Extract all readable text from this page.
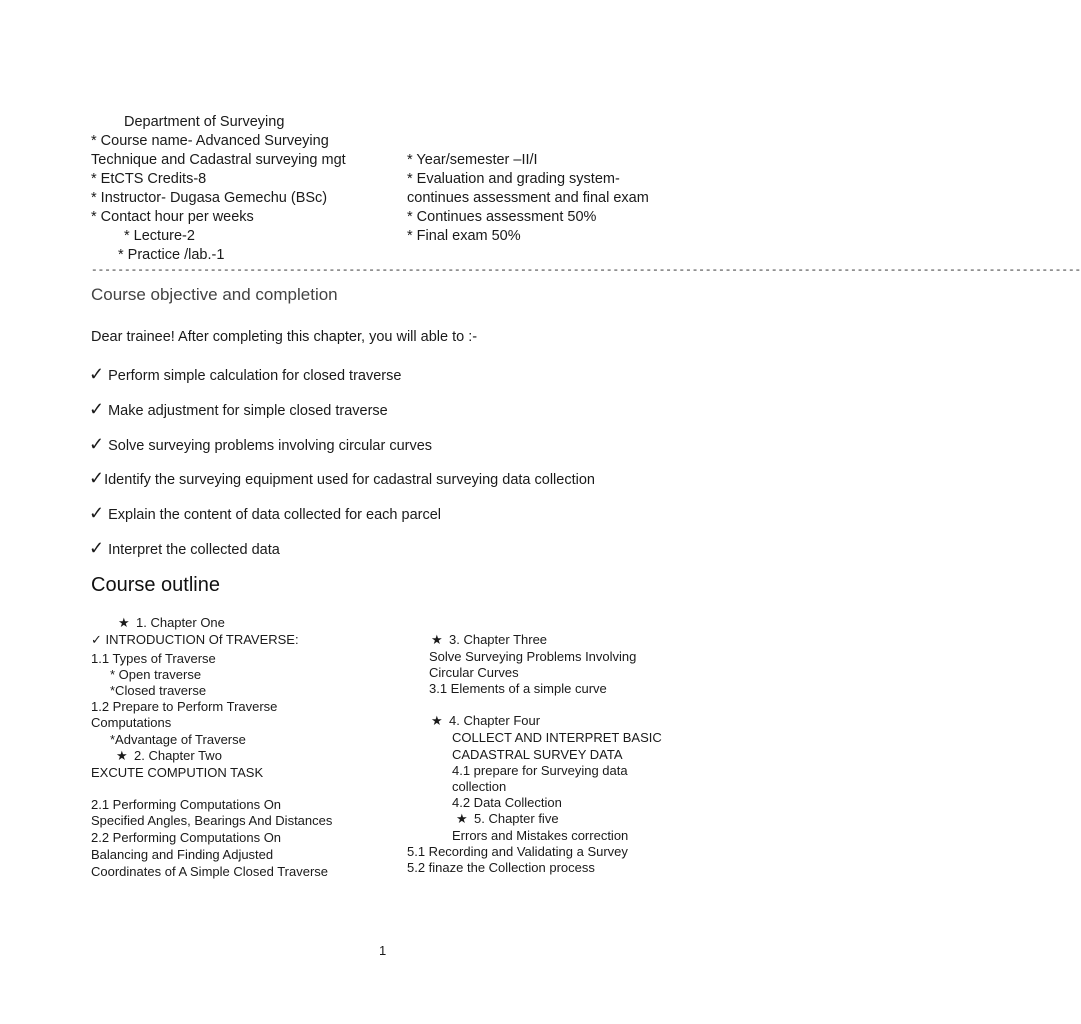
Department of Surveying
* Course name- Advanced Surveying
Technique and Cadastral surveying mgt
* EtCTS Credits-8
* Instructor- Dugasa Gemechu (BSc)
* Contact hour per weeks
* Lecture-2
* Practice /lab.-1
* Year/semester –II/I
* Evaluation and grading system-
continues assessment and final exam
* Continues assessment 50%
* Final exam 50%
------------------------------------------------------------------------------------------------------------------------------------------------------
Course objective and completion
Dear trainee! After completing this chapter, you will able to :-
✓ Perform simple calculation for closed traverse
✓ Make adjustment for simple closed traverse
✓ Solve surveying problems involving circular curves
✓Identify the surveying equipment used for cadastral surveying data collection
✓ Explain the content of data collected for each parcel
✓ Interpret the collected data
Course outline
★ 1. Chapter One
✓ INTRODUCTION Of TRAVERSE:
1.1 Types of Traverse
* Open traverse
*Closed traverse
1.2 Prepare to Perform Traverse
Computations
*Advantage of Traverse
★ 2. Chapter Two
EXCUTE COMPUTION TASK
2.1 Performing Computations On
Specified Angles, Bearings And Distances
2.2 Performing Computations On
Balancing and Finding Adjusted
Coordinates of A Simple Closed Traverse
★ 3. Chapter Three
Solve Surveying Problems Involving
Circular Curves
3.1 Elements of a simple curve
★ 4. Chapter Four
COLLECT AND INTERPRET BASIC
CADASTRAL SURVEY DATA
4.1 prepare for Surveying data
collection
4.2 Data Collection
★ 5. Chapter five
Errors and Mistakes correction
5.1 Recording and Validating a Survey
5.2 finaze the Collection process
1
